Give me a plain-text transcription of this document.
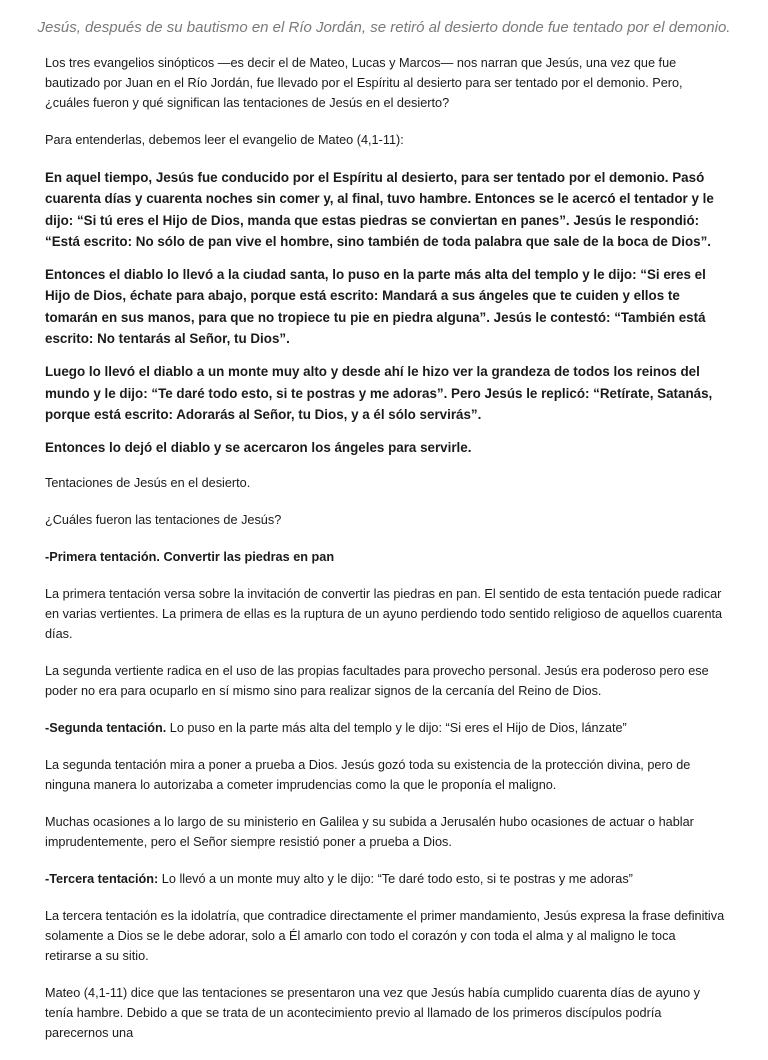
Jesús, después de su bautismo en el Río Jordán, se retiró al desierto donde fue tentado por el demonio.

Los tres evangelios sinópticos —es decir el de Mateo, Lucas y Marcos— nos narran que Jesús, una vez que fue bautizado por Juan en el Río Jordán, fue llevado por el Espíritu al desierto para ser tentado por el demonio. Pero, ¿cuáles fueron y qué significan las tentaciones de Jesús en el desierto?

Para entenderlas, debemos leer el evangelio de Mateo (4,1-11):

En aquel tiempo, Jesús fue conducido por el Espíritu al desierto, para ser tentado por el demonio. Pasó cuarenta días y cuarenta noches sin comer y, al final, tuvo hambre. Entonces se le acercó el tentador y le dijo: “Si tú eres el Hijo de Dios, manda que estas piedras se conviertan en panes”. Jesús le respondió: “Está escrito: No sólo de pan vive el hombre, sino también de toda palabra que sale de la boca de Dios”.

Entonces el diablo lo llevó a la ciudad santa, lo puso en la parte más alta del templo y le dijo: “Si eres el Hijo de Dios, échate para abajo, porque está escrito: Mandará a sus ángeles que te cuiden y ellos te tomarán en sus manos, para que no tropiece tu pie en piedra alguna”. Jesús le contestó: “También está escrito: No tentarás al Señor, tu Dios”.

Luego lo llevó el diablo a un monte muy alto y desde ahí le hizo ver la grandeza de todos los reinos del mundo y le dijo: “Te daré todo esto, si te postras y me adoras”. Pero Jesús le replicó: “Retírate, Satanás, porque está escrito: Adorarás al Señor, tu Dios, y a él sólo servirás”.

Entonces lo dejó el diablo y se acercaron los ángeles para servirle.

Tentaciones de Jesús en el desierto.

¿Cuáles fueron las tentaciones de Jesús?

-Primera tentación. Convertir las piedras en pan

La primera tentación versa sobre la invitación de convertir las piedras en pan. El sentido de esta tentación puede radicar en varias vertientes. La primera de ellas es la ruptura de un ayuno perdiendo todo sentido religioso de aquellos cuarenta días.

La segunda vertiente radica en el uso de las propias facultades para provecho personal. Jesús era poderoso pero ese poder no era para ocuparlo en sí mismo sino para realizar signos de la cercanía del Reino de Dios.

-Segunda tentación. Lo puso en la parte más alta del templo y le dijo: “Si eres el Hijo de Dios, lánzate”

La segunda tentación mira a poner a prueba a Dios. Jesús gozó toda su existencia de la protección divina, pero de ninguna manera lo autorizaba a cometer imprudencias como la que le proponía el maligno.

Muchas ocasiones a lo largo de su ministerio en Galilea y su subida a Jerusalén hubo ocasiones de actuar o hablar imprudentemente, pero el Señor siempre resistió poner a prueba a Dios.

-Tercera tentación: Lo llevó a un monte muy alto y le dijo: “Te daré todo esto, si te postras y me adoras”

La tercera tentación es la idolatría, que contradice directamente el primer mandamiento, Jesús expresa la frase definitiva solamente a Dios se le debe adorar, solo a Él amarlo con todo el corazón y con toda el alma y al maligno le toca retirarse a su sitio.

Mateo (4,1-11) dice que las tentaciones se presentaron una vez que Jesús había cumplido cuarenta días de ayuno y tenía hambre. Debido a que se trata de un acontecimiento previo al llamado de los primeros discípulos podría parecernos una
